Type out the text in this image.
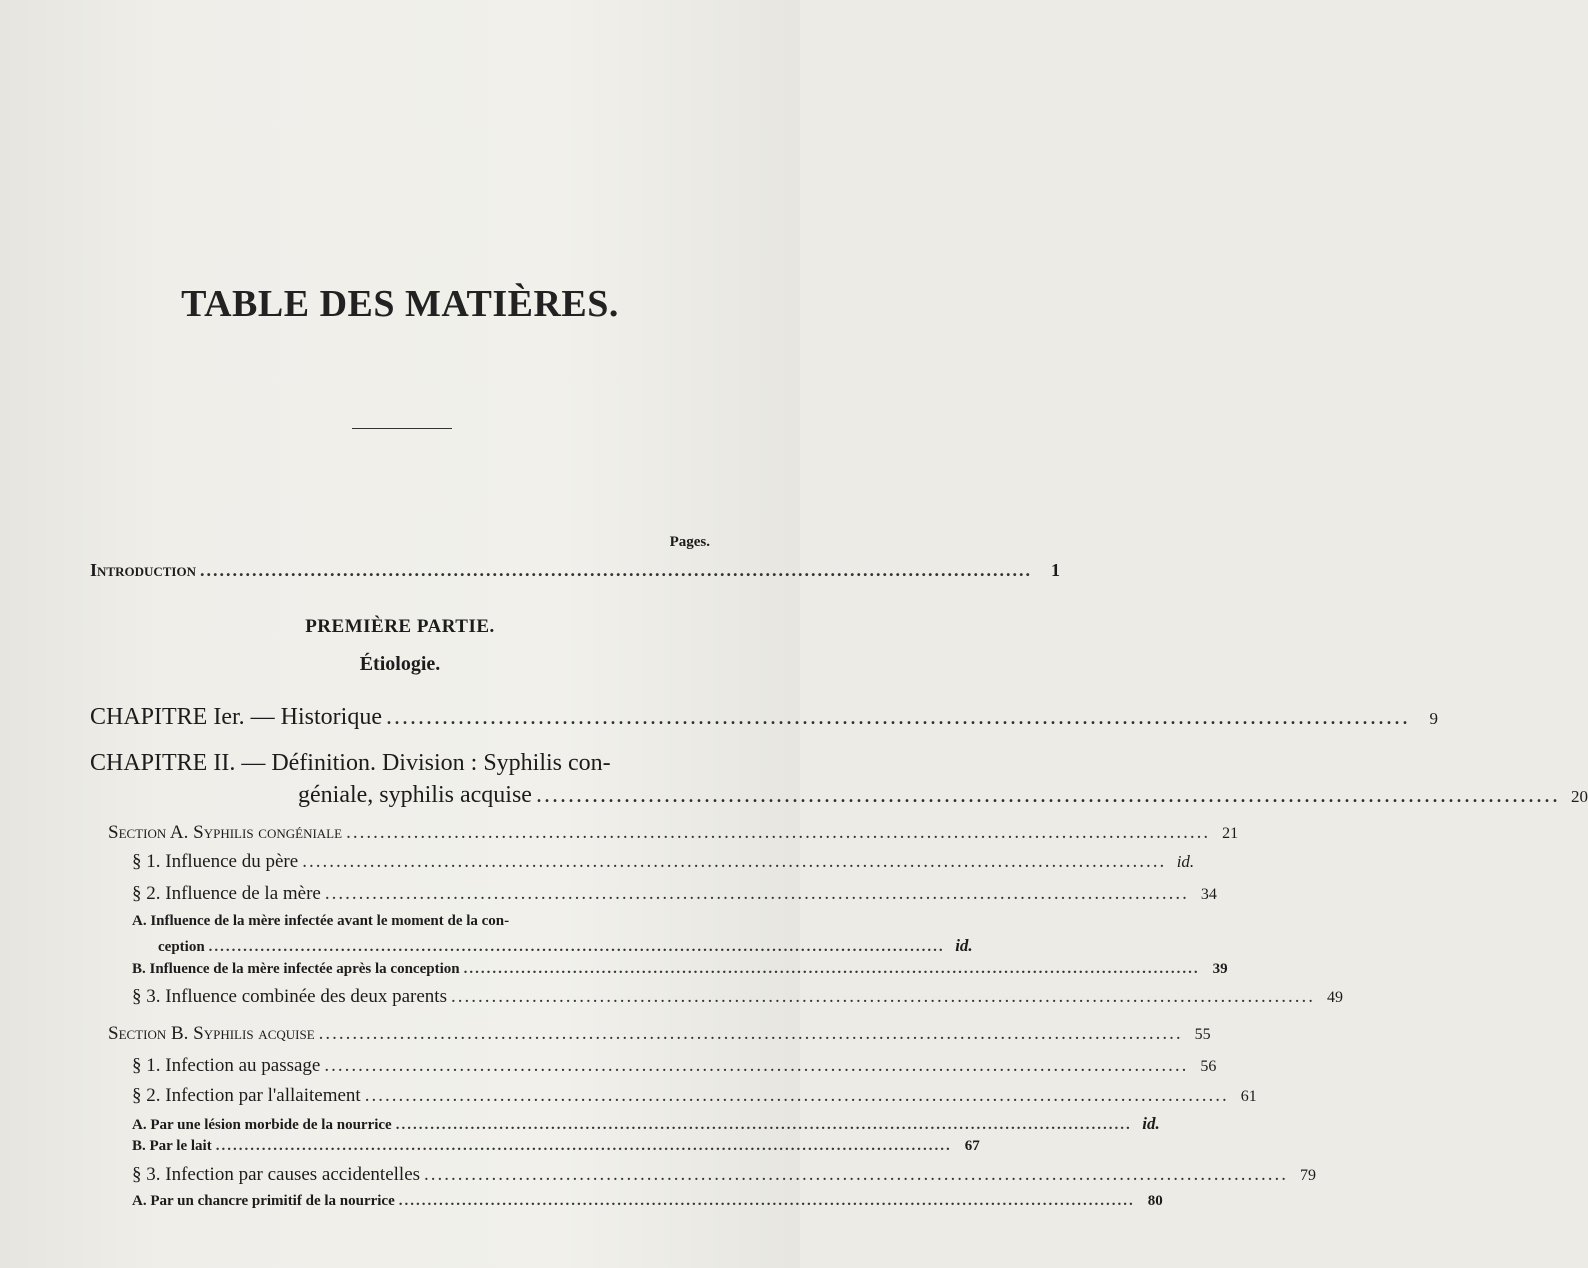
TABLE DES MATIÈRES.
Pages.
Introduction ................................................................................................................................	1
PREMIÈRE PARTIE.
Étiologie.
CHAPITRE Ier. — Historique ................................................................................................................................	9
CHAPITRE II. — Définition. Division : Syphilis con-
géniale, syphilis acquise ................................................................................................................................ 20
Section A. Syphilis congéniale ................................................................................................................................ 21
§ 1. Influence du père ................................................................................................................................ id.
§ 2. Influence de la mère ................................................................................................................................ 34
A. Influence de la mère infectée avant le moment de la con-
ception ................................................................................................................................ id.
B. Influence de la mère infectée après la conception ................................................................................................................................ 39
§ 3. Influence combinée des deux parents ................................................................................................................................ 49
Section B. Syphilis acquise ................................................................................................................................ 55
§ 1. Infection au passage ................................................................................................................................ 56
§ 2. Infection par l'allaitement ................................................................................................................................ 61
A. Par une lésion morbide de la nourrice ................................................................................................................................ id.
B. Par le lait ................................................................................................................................ 67
§ 3. Infection par causes accidentelles ................................................................................................................................ 79
A. Par un chancre primitif de la nourrice ................................................................................................................................ 80
